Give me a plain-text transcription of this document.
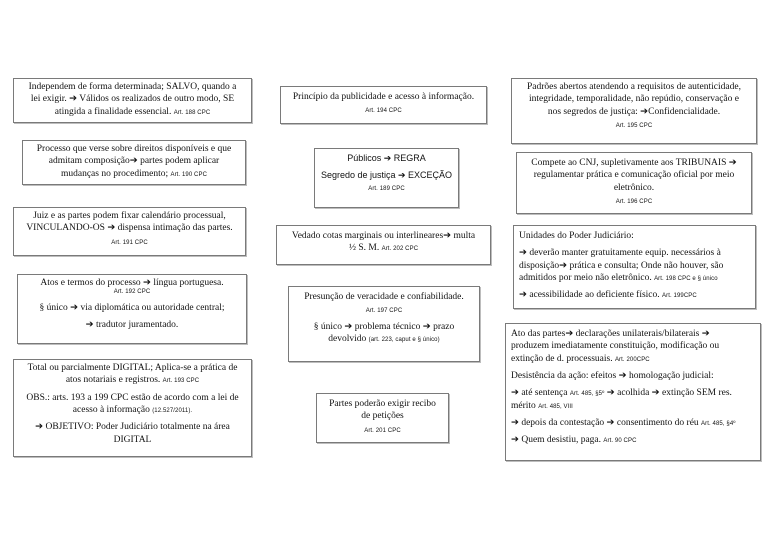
Independem de forma determinada; SALVO, quando a

lei exigir. ➔ Válidos os realizados de outro modo, SE

atingida a finalidade essencial. Art. 188 CPC

Processo que verse sobre direitos disponíveis e que

admitam composição➔ partes podem aplicar

mudanças no procedimento; Art. 190 CPC

Juiz e as partes podem fixar calendário processual,

VINCULANDO-OS ➔ dispensa intimação das partes.

Art. 191 CPC

Atos e termos do processo ➔ língua portuguesa.

Art. 192 CPC

§ único ➔ via diplomática ou autoridade central;

➔ tradutor juramentado.

Total ou parcialmente DIGITAL; Aplica-se a prática de

atos notariais e registros. Art. 193 CPC

OBS.: arts. 193 a 199 CPC estão de acordo com a lei de

acesso à informação (12.527/2011).

➔ OBJETIVO: Poder Judiciário totalmente na área

DIGITAL

Princípio da publicidade e acesso à informação.

Art. 194 CPC

Públicos ➔ REGRA

Segredo de justiça ➔ EXCEÇÃO

Art. 189 CPC

Vedado cotas marginais ou interlineares➔ multa

½ S. M. Art. 202 CPC

Presunção de veracidade e confiabilidade.

Art. 197 CPC

§ único ➔ problema técnico ➔ prazo

devolvido (art. 223, caput e § único)

Partes poderão exigir recibo

de petições

Art. 201 CPC

Padrões abertos atendendo a requisitos de autenticidade,

integridade, temporalidade, não repúdio, conservação e

nos segredos de justiça: ➔Confidencialidade.

Art. 195 CPC

Compete ao CNJ, supletivamente aos TRIBUNAIS ➔

regulamentar prática e comunicação oficial por meio

eletrônico.

Art. 196 CPC

Unidades do Poder Judiciário:

➔ deverão manter gratuitamente equip. necessários à

disposição➔ prática e consulta; Onde não houver, são

admitidos por meio não eletrônico. Art. 198 CPC e § único

➔ acessibilidade ao deficiente físico. Art. 199CPC

Ato das partes➔ declarações unilaterais/bilaterais ➔

produzem imediatamente constituição, modificação ou

extinção de d. processuais. Art. 200CPC

Desistência da ação: efeitos ➔ homologação judicial:

➔ até sentença Art. 485, §5º ➔ acolhida ➔ extinção SEM res.

mérito Art. 485, VIII

➔ depois da contestação ➔ consentimento do réu Art. 485, §4º

➔ Quem desistiu, paga. Art. 90 CPC
